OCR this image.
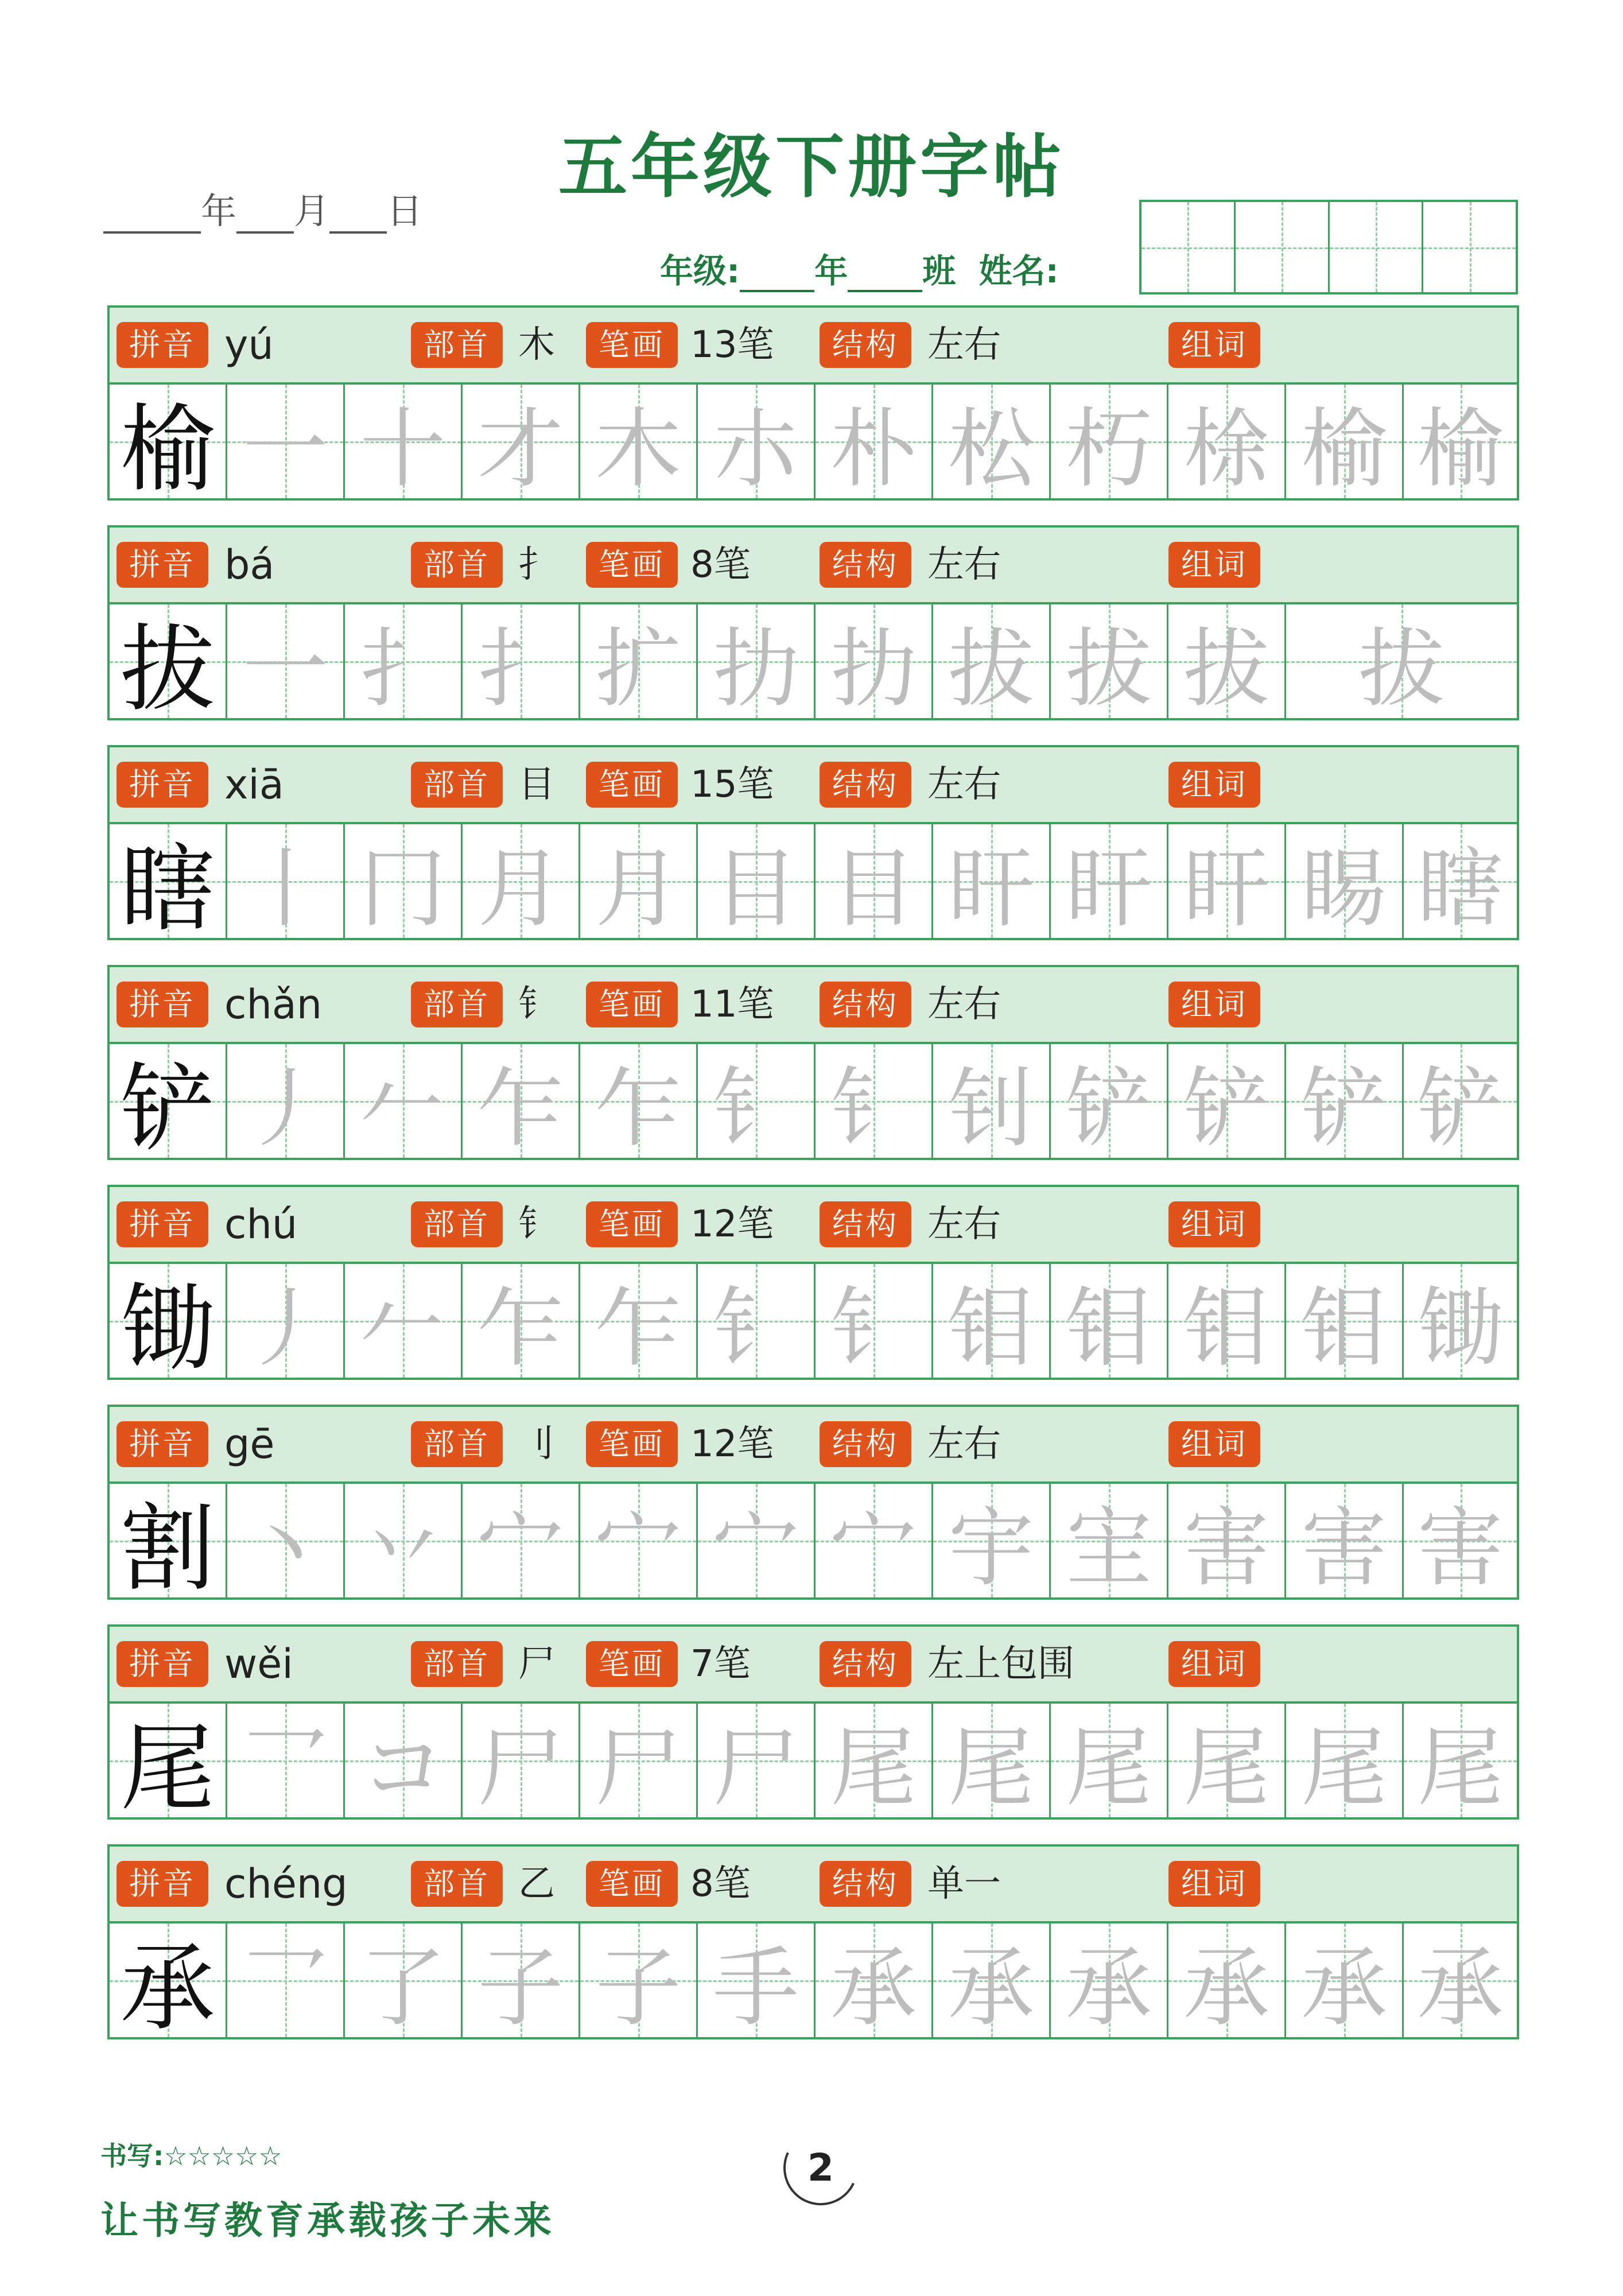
五年级下册字帖
年 月 日
年级: 年 班 姓名:
拼音 yú	部首 木	笔画 13笔	结构 左右	组词
榆 一 十 才 木 朩 朴 松 朽 梌 榆 榆
拼音 bá	部首 扌	笔画 8笔	结构 左右	组词
拔 一 扌 扌 扩 扐 扐 拔 拔 拔	拔
拼音 xiā	部首 目	笔画 15笔	结构 左右	组词
瞎 丨 冂 月 月 目 目 盰 盰 盰 睗 瞎
拼音 chǎn	部首 钅	笔画 11笔	结构 左右	组词
铲 丿 𠂉 乍 乍 钅 钅 钊 铲 铲 铲 铲
拼音 chú	部首 钅	笔画 12笔	结构 左右	组词
锄 丿 𠂉 乍 乍 钅 钅 钼 钼 钼 钼 锄
拼音 gē	部首 刂	笔画 12笔	结构 左右	组词
割 丶 丷 宀 宀 宀 宀 宇 宔 害 害 害
拼音 wěi	部首 尸	笔画 7笔	结构 左上包围	组词
尾 乛 コ 尸 尸 尸 尾 尾 尾 尾 尾 尾
拼音 chéng	部首 乙	笔画 8笔	结构 单一	组词
承 乛 了 子 子 手 承 承 承 承 承 承
书写:☆☆☆☆☆
让书写教育承载孩子未来
2
